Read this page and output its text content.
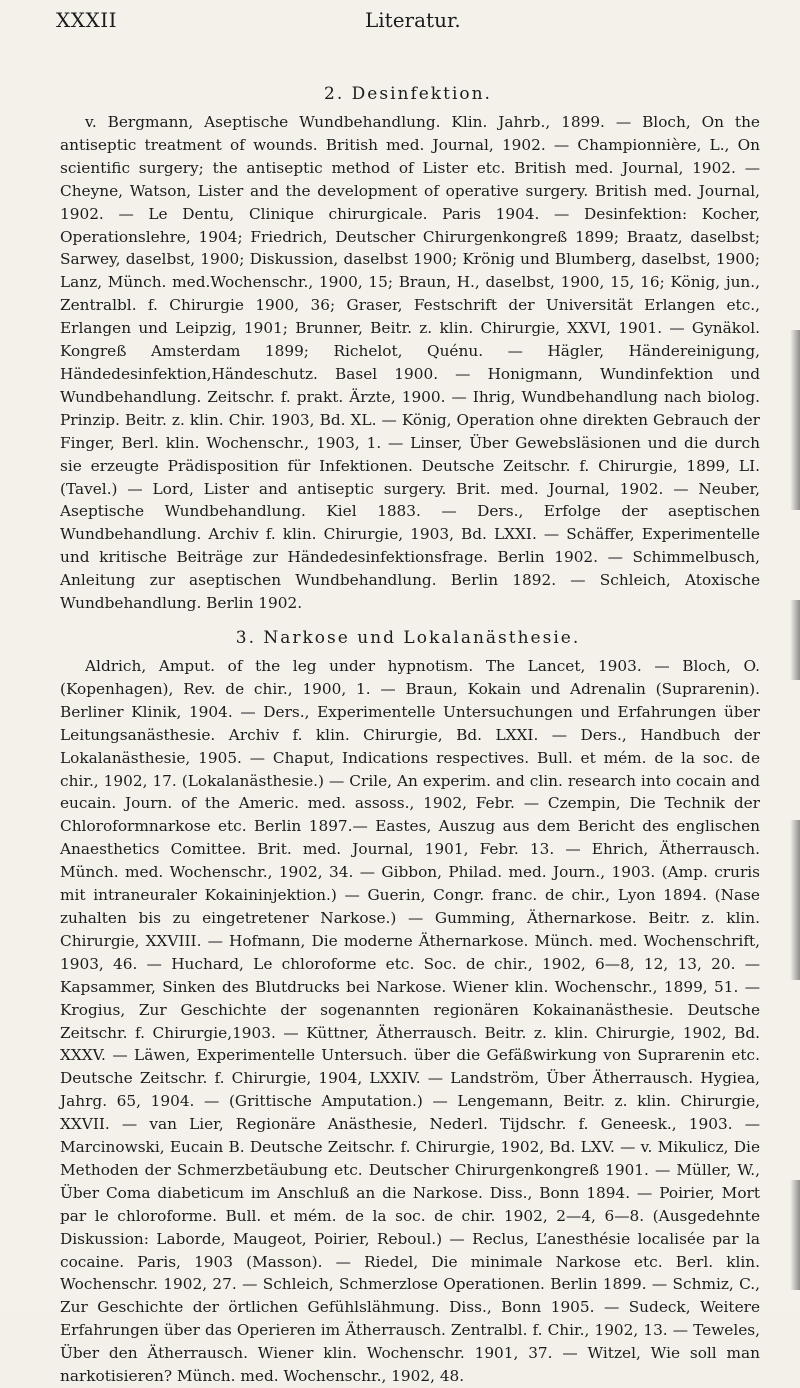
XXXII	Literatur.
2. Desinfektion.

v. Bergmann, Aseptische Wundbehandlung. Klin. Jahrb., 1899. — Bloch, On the antiseptic treatment of wounds. British med. Journal, 1902. — Championnière, L., On scientific surgery; the antiseptic method of Lister etc. British med. Journal, 1902. — Cheyne, Watson, Lister and the development of operative surgery. British med. Journal, 1902. — Le Dentu, Clinique chirurgicale. Paris 1904. — Desinfektion: Kocher, Operationslehre, 1904; Friedrich, Deutscher Chirurgenkongreß 1899; Braatz, daselbst; Sarwey, daselbst, 1900; Diskussion, daselbst 1900; Krönig und Blumberg, daselbst, 1900; Lanz, Münch. med.Wochenschr., 1900, 15; Braun, H., daselbst, 1900, 15, 16; König, jun., Zentralbl. f. Chirurgie 1900, 36; Graser, Festschrift der Universität Erlangen etc., Erlangen und Leipzig, 1901; Brunner, Beitr. z. klin. Chirurgie, XXVI, 1901. — Gynäkol. Kongreß Amsterdam 1899; Richelot, Quénu. — Hägler, Händereinigung, Händedesinfektion,Händeschutz. Basel 1900. — Honigmann, Wundinfektion und Wundbehandlung. Zeitschr. f. prakt. Ärzte, 1900. — Ihrig, Wundbehandlung nach biolog. Prinzip. Beitr. z. klin. Chir. 1903, Bd. XL. — König, Operation ohne direkten Gebrauch der Finger, Berl. klin. Wochenschr., 1903, 1. — Linser, Über Gewebsläsionen und die durch sie erzeugte Prädisposition für Infektionen. Deutsche Zeitschr. f. Chirurgie, 1899, LI. (Tavel.) — Lord, Lister and antiseptic surgery. Brit. med. Journal, 1902. — Neuber, Aseptische Wundbehandlung. Kiel 1883. — Ders., Erfolge der aseptischen Wundbehandlung. Archiv f. klin. Chirurgie, 1903, Bd. LXXI. — Schäffer, Experimentelle und kritische Beiträge zur Händedesinfektionsfrage. Berlin 1902. — Schimmelbusch, Anleitung zur aseptischen Wundbehandlung. Berlin 1892. — Schleich, Atoxische Wundbehandlung. Berlin 1902.

3. Narkose und Lokalanästhesie.

Aldrich, Amput. of the leg under hypnotism. The Lancet, 1903. — Bloch, O. (Kopenhagen), Rev. de chir., 1900, 1. — Braun, Kokain und Adrenalin (Suprarenin). Berliner Klinik, 1904. — Ders., Experimentelle Untersuchungen und Erfahrungen über Leitungsanästhesie. Archiv f. klin. Chirurgie, Bd. LXXI. — Ders., Handbuch der Lokalanästhesie, 1905. — Chaput, Indications respectives. Bull. et mém. de la soc. de chir., 1902, 17. (Lokalanästhesie.) — Crile, An experim. and clin. research into cocain and eucain. Journ. of the Americ. med. assoss., 1902, Febr. — Czempin, Die Technik der Chloroformnarkose etc. Berlin 1897.— Eastes, Auszug aus dem Bericht des englischen Anaesthetics Comittee. Brit. med. Journal, 1901, Febr. 13. — Ehrich, Ätherrausch. Münch. med. Wochenschr., 1902, 34. — Gibbon, Philad. med. Journ., 1903. (Amp. cruris mit intraneuraler Kokaininjektion.) — Guerin, Congr. franc. de chir., Lyon 1894. (Nase zuhalten bis zu eingetretener Narkose.) — Gumming, Äthernarkose. Beitr. z. klin. Chirurgie, XXVIII. — Hofmann, Die moderne Äthernarkose. Münch. med. Wochenschrift, 1903, 46. — Huchard, Le chloroforme etc. Soc. de chir., 1902, 6—8, 12, 13, 20. — Kapsammer, Sinken des Blutdrucks bei Narkose. Wiener klin. Wochenschr., 1899, 51. — Krogius, Zur Geschichte der sogenannten regionären Kokainanästhesie. Deutsche Zeitschr. f. Chirurgie,1903. — Küttner, Ätherrausch. Beitr. z. klin. Chirurgie, 1902, Bd. XXXV. — Läwen, Experimentelle Untersuch. über die Gefäßwirkung von Suprarenin etc. Deutsche Zeitschr. f. Chirurgie, 1904, LXXIV. — Landström, Über Ätherrausch. Hygiea, Jahrg. 65, 1904. — (Grittische Amputation.) — Lengemann, Beitr. z. klin. Chirurgie, XXVII. — van Lier, Regionäre Anästhesie, Nederl. Tijdschr. f. Geneesk., 1903. — Marcinowski, Eucain B. Deutsche Zeitschr. f. Chirurgie, 1902, Bd. LXV. — v. Mikulicz, Die Methoden der Schmerzbetäubung etc. Deutscher Chirurgenkongreß 1901. — Müller, W., Über Coma diabeticum im Anschluß an die Narkose. Diss., Bonn 1894. — Poirier, Mort par le chloroforme. Bull. et mém. de la soc. de chir. 1902, 2—4, 6—8. (Ausgedehnte Diskussion: Laborde, Maugeot, Poirier, Reboul.) — Reclus, L’anesthésie localisée par la cocaine. Paris, 1903 (Masson). — Riedel, Die minimale Narkose etc. Berl. klin. Wochenschr. 1902, 27. — Schleich, Schmerzlose Operationen. Berlin 1899. — Schmiz, C., Zur Geschichte der örtlichen Gefühlslähmung. Diss., Bonn 1905. — Sudeck, Weitere Erfahrungen über das Operieren im Ätherrausch. Zentralbl. f. Chir., 1902, 13. — Teweles, Über den Ätherrausch. Wiener klin. Wochenschr. 1901, 37. — Witzel, Wie soll man narkotisieren? Münch. med. Wochenschr., 1902, 48.
